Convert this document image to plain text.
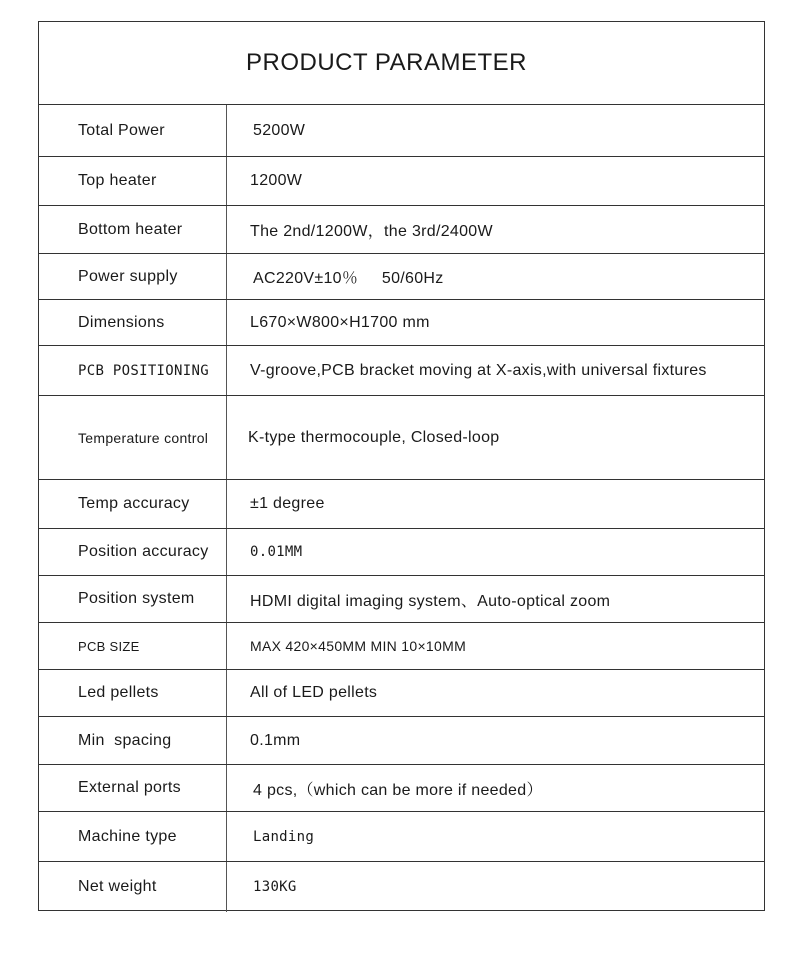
PRODUCT PARAMETER
Total Power	5200W
Top heater	1200W
Bottom heater	The 2nd/1200W，the 3rd/2400W
Power supply	AC220V±10％     50/60Hz
Dimensions	L670×W800×H1700 mm
PCB POSITIONING	V-groove,PCB bracket moving at X-axis,with universal fixtures
Temperature control	K-type thermocouple, Closed-loop
Temp accuracy	±1 degree
Position accuracy	0.01MM
Position system	HDMI digital imaging system、Auto-optical zoom
PCB SIZE	MAX 420×450MM MIN 10×10MM
Led pellets	All of LED pellets
Min  spacing	0.1mm
External ports	4 pcs,（which can be more if needed）
Machine type	Landing
Net weight	130KG
